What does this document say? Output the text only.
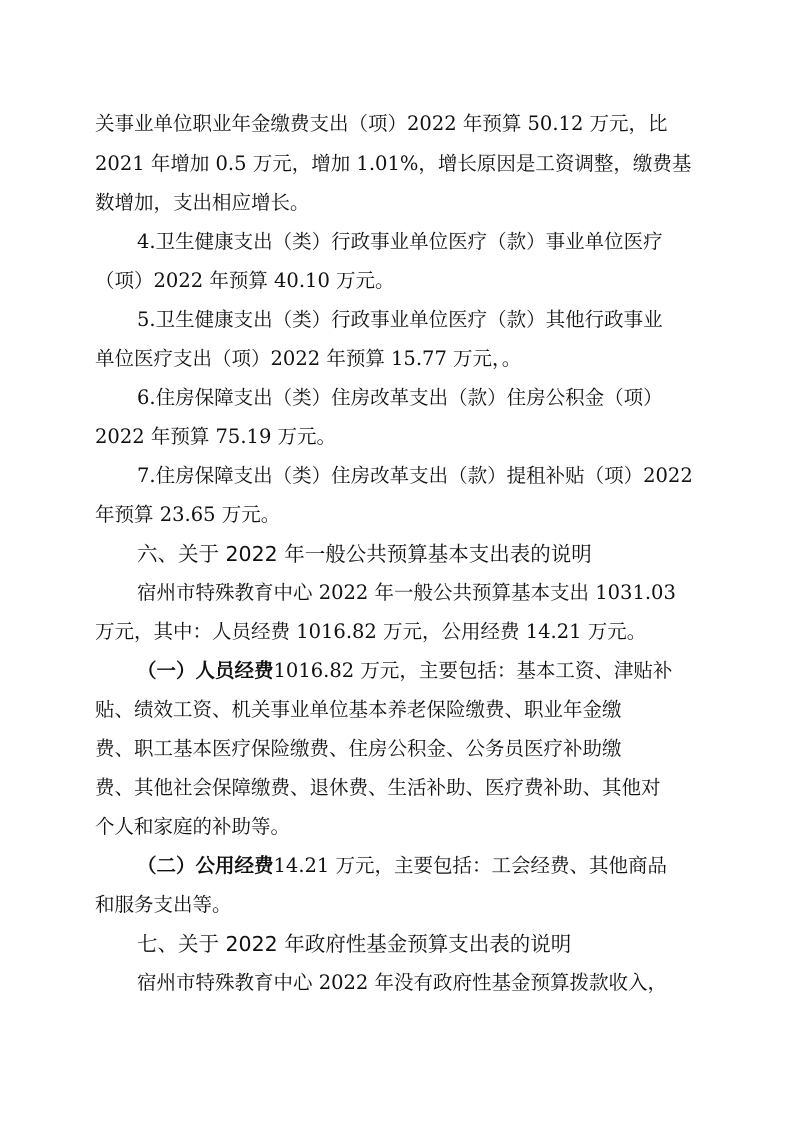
关事业单位职业年金缴费支出（项）2022 年预算 50.12 万元，比
2021 年增加 0.5 万元，增加 1.01%，增长原因是工资调整，缴费基
数增加，支出相应增长。
4.卫生健康支出（类）行政事业单位医疗（款）事业单位医疗
（项）2022 年预算 40.10 万元。
5.卫生健康支出（类）行政事业单位医疗（款）其他行政事业
单位医疗支出（项）2022 年预算 15.77 万元，。
6.住房保障支出（类）住房改革支出（款）住房公积金（项）
2022 年预算 75.19 万元。
7.住房保障支出（类）住房改革支出（款）提租补贴（项）2022
年预算 23.65 万元。
六、关于 2022 年一般公共预算基本支出表的说明
宿州市特殊教育中心 2022 年一般公共预算基本支出 1031.03
万元，其中：人员经费 1016.82 万元，公用经费 14.21 万元。
（一）人员经费1016.82 万元，主要包括：基本工资、津贴补
贴、绩效工资、机关事业单位基本养老保险缴费、职业年金缴
费、职工基本医疗保险缴费、住房公积金、公务员医疗补助缴
费、其他社会保障缴费、退休费、生活补助、医疗费补助、其他对
个人和家庭的补助等。
（二）公用经费14.21 万元，主要包括：工会经费、其他商品
和服务支出等。
七、关于 2022 年政府性基金预算支出表的说明
宿州市特殊教育中心 2022 年没有政府性基金预算拨款收入，
